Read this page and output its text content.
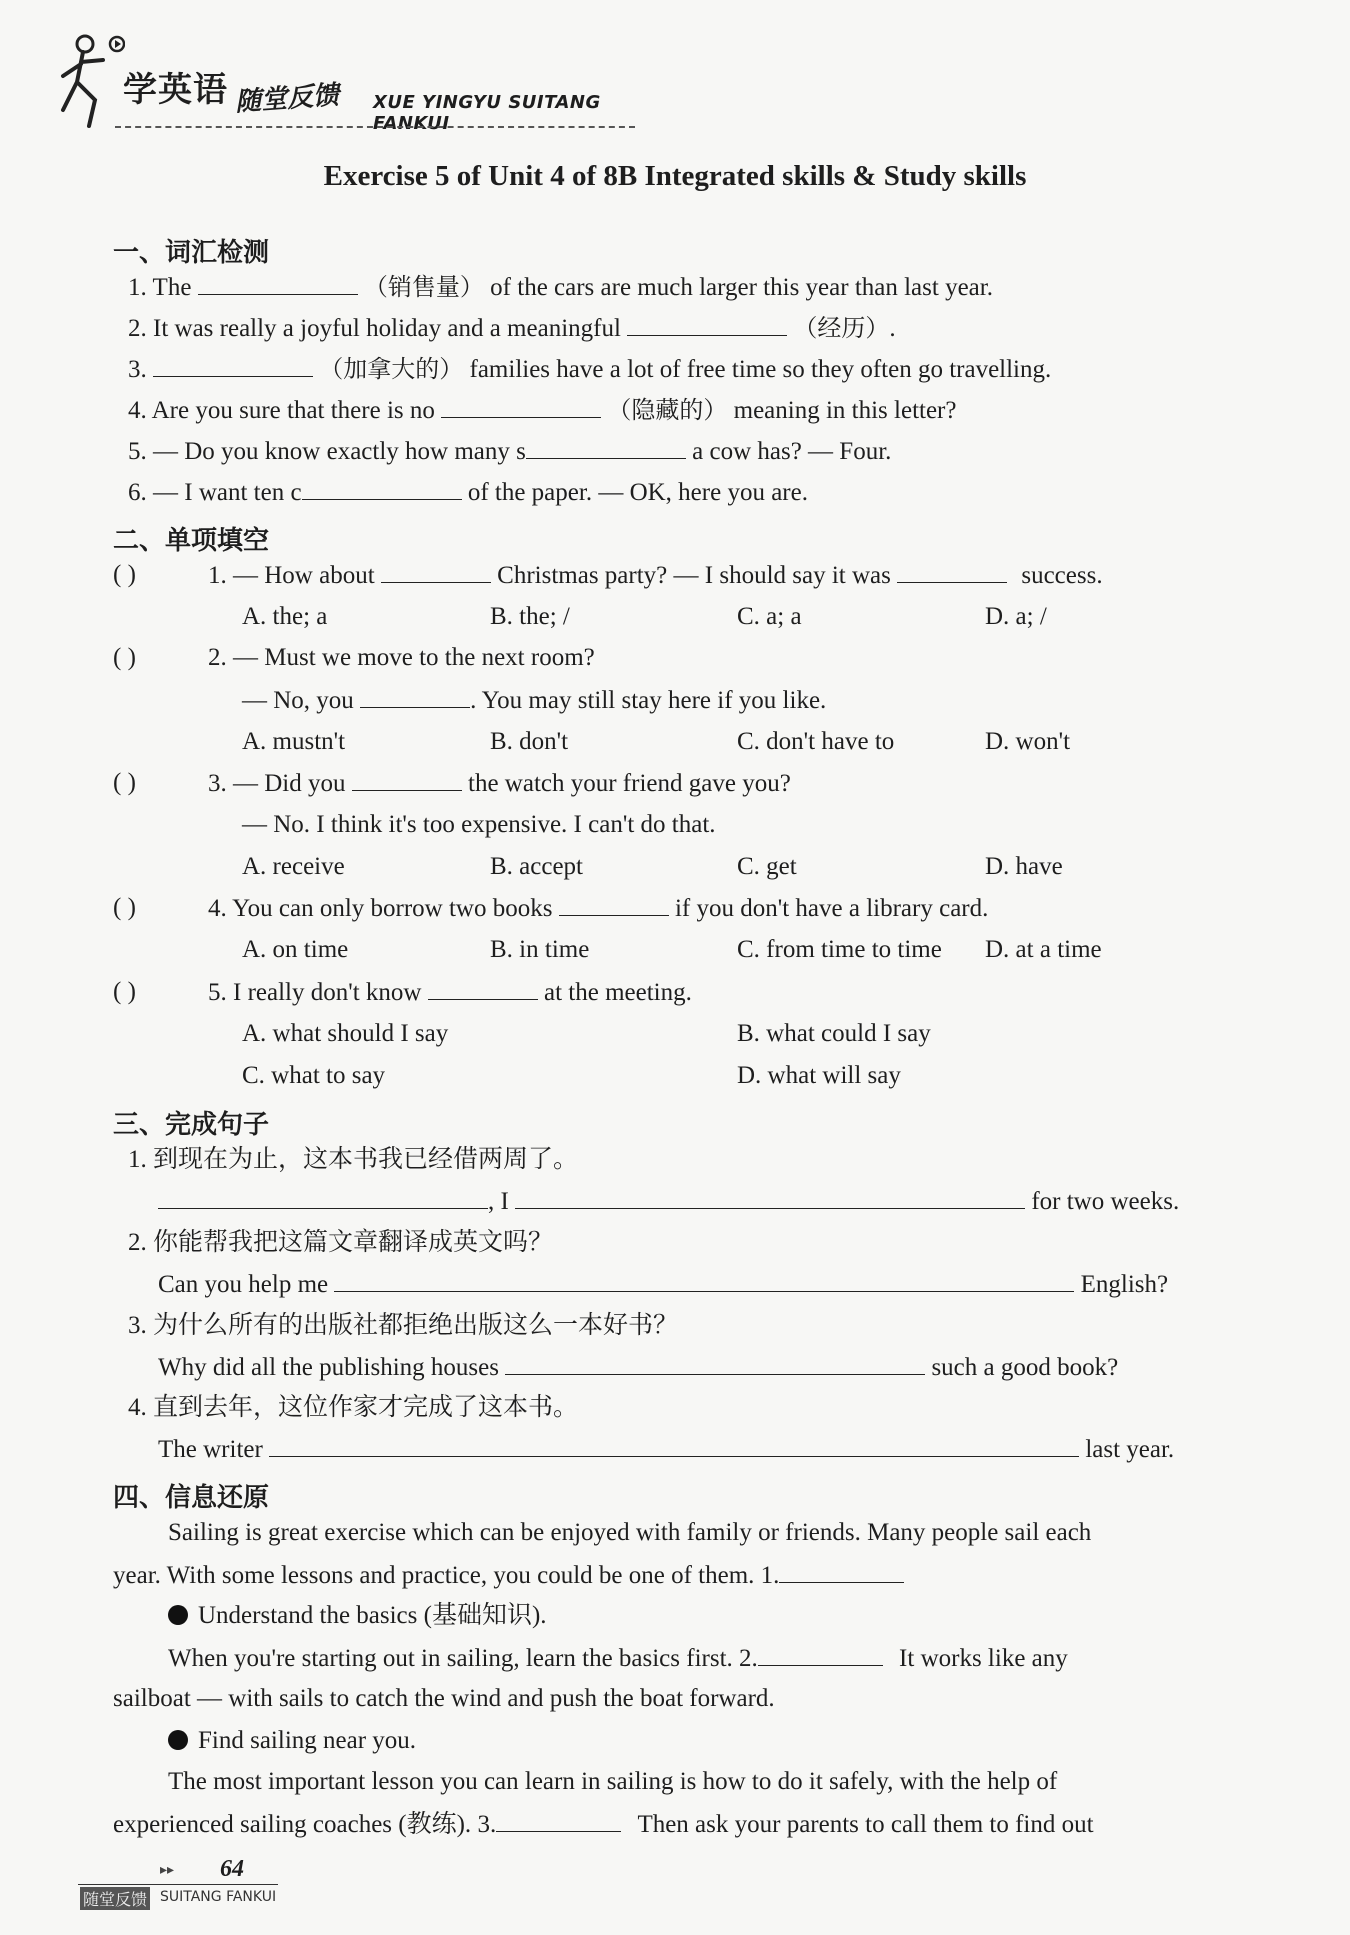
学英语 随堂反馈 XUE YINGYU SUITANG FANKUI
Exercise 5 of Unit 4 of 8B Integrated skills & Study skills
一、词汇检测
1. The	（销售量） of the cars are much larger this year than last year.
2. It was really a joyful holiday and a meaningful	（经历）.
3.	（加拿大的） families have a lot of free time so they often go travelling.
4. Are you sure that there is no	（隐藏的） meaning in this letter?
5. — Do you know exactly how many s	a cow has? — Four.
6. — I want ten c	of the paper. — OK, here you are.
二、单项填空
( )	1. — How about	Christmas party? — I should say it was	success.
A. the; a	B. the; /	C. a; a	D. a; /
( )	2. — Must we move to the next room?
— No, you	. You may still stay here if you like.
A. mustn't	B. don't	C. don't have to	D. won't
( )	3. — Did you	the watch your friend gave you?
— No. I think it's too expensive. I can't do that.
A. receive	B. accept	C. get	D. have
( )	4. You can only borrow two books	if you don't have a library card.
A. on time	B. in time	C. from time to time D. at a time
( )	5. I really don't know	at the meeting.
A. what should I say	B. what could I say
C. what to say	D. what will say
三、完成句子
1. 到现在为止，这本书我已经借两周了。
, I	for two weeks.
2. 你能帮我把这篇文章翻译成英文吗？
Can you help me	English?
3. 为什么所有的出版社都拒绝出版这么一本好书？
Why did all the publishing houses	such a good book?
4. 直到去年，这位作家才完成了这本书。
The writer	last year.
四、信息还原
Sailing is great exercise which can be enjoyed with family or friends. Many people sail each
year. With some lessons and practice, you could be one of them. 1.
Understand the basics (基础知识).
When you're starting out in sailing, learn the basics first. 2.	It works like any
sailboat — with sails to catch the wind and push the boat forward.
Find sailing near you.
The most important lesson you can learn in sailing is how to do it safely, with the help of
experienced sailing coaches (教练). 3.	Then ask your parents to call them to find out
▸▸ 64
随堂反馈 SUITANG FANKUI
